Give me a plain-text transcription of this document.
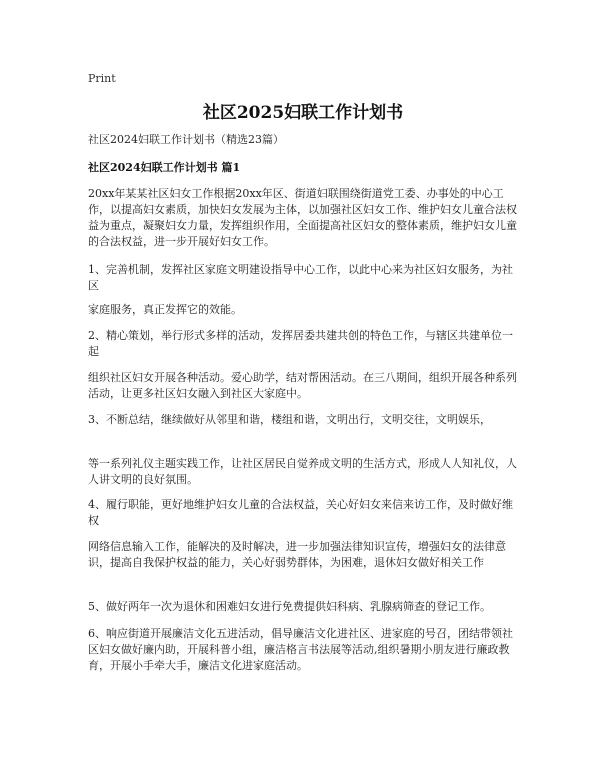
Print
社区2025妇联工作计划书

社区2024妇联工作计划书（精选23篇）

社区2024妇联工作计划书 篇1

20xx年某某社区妇女工作根据20xx年区、街道妇联围绕街道党工委、办事处的中心工作，以提高妇女素质，加快妇女发展为主体，以加强社区妇女工作、维护妇女儿童合法权益为重点，凝聚妇女力量，发挥组织作用，全面提高社区妇女的整体素质，维护妇女儿童的合法权益，进一步开展好妇女工作。

1、完善机制，发挥社区家庭文明建设指导中心工作，以此中心来为社区妇女服务，为社区

家庭服务，真正发挥它的效能。

2、精心策划，举行形式多样的活动，发挥居委共建共创的特色工作，与辖区共建单位一起

组织社区妇女开展各种活动。爱心助学，结对帮困活动。在三八期间，组织开展各种系列活动，让更多社区妇女融入到社区大家庭中。

3、不断总结，继续做好从邻里和谐，楼组和谐，文明出行，文明交往，文明娱乐，

等一系列礼仪主题实践工作，让社区居民自觉养成文明的生活方式，形成人人知礼仪，人人讲文明的良好氛围。

4、履行职能，更好地维护妇女儿童的合法权益，关心好妇女来信来访工作，及时做好维权

网络信息输入工作，能解决的及时解决，进一步加强法律知识宣传，增强妇女的法律意识，提高自我保护权益的能力，关心好弱势群体，为困难，退休妇女做好相关工作

5、做好两年一次为退休和困难妇女进行免费提供妇科病、乳腺病筛查的登记工作。

6、响应街道开展廉洁文化五进活动，倡导廉洁文化进社区、进家庭的号召，团结带领社区妇女做好廉内助，开展科普小组，廉洁格言书法展等活动,组织暑期小朋友进行廉政教育，开展小手牵大手，廉洁文化进家庭活动。
